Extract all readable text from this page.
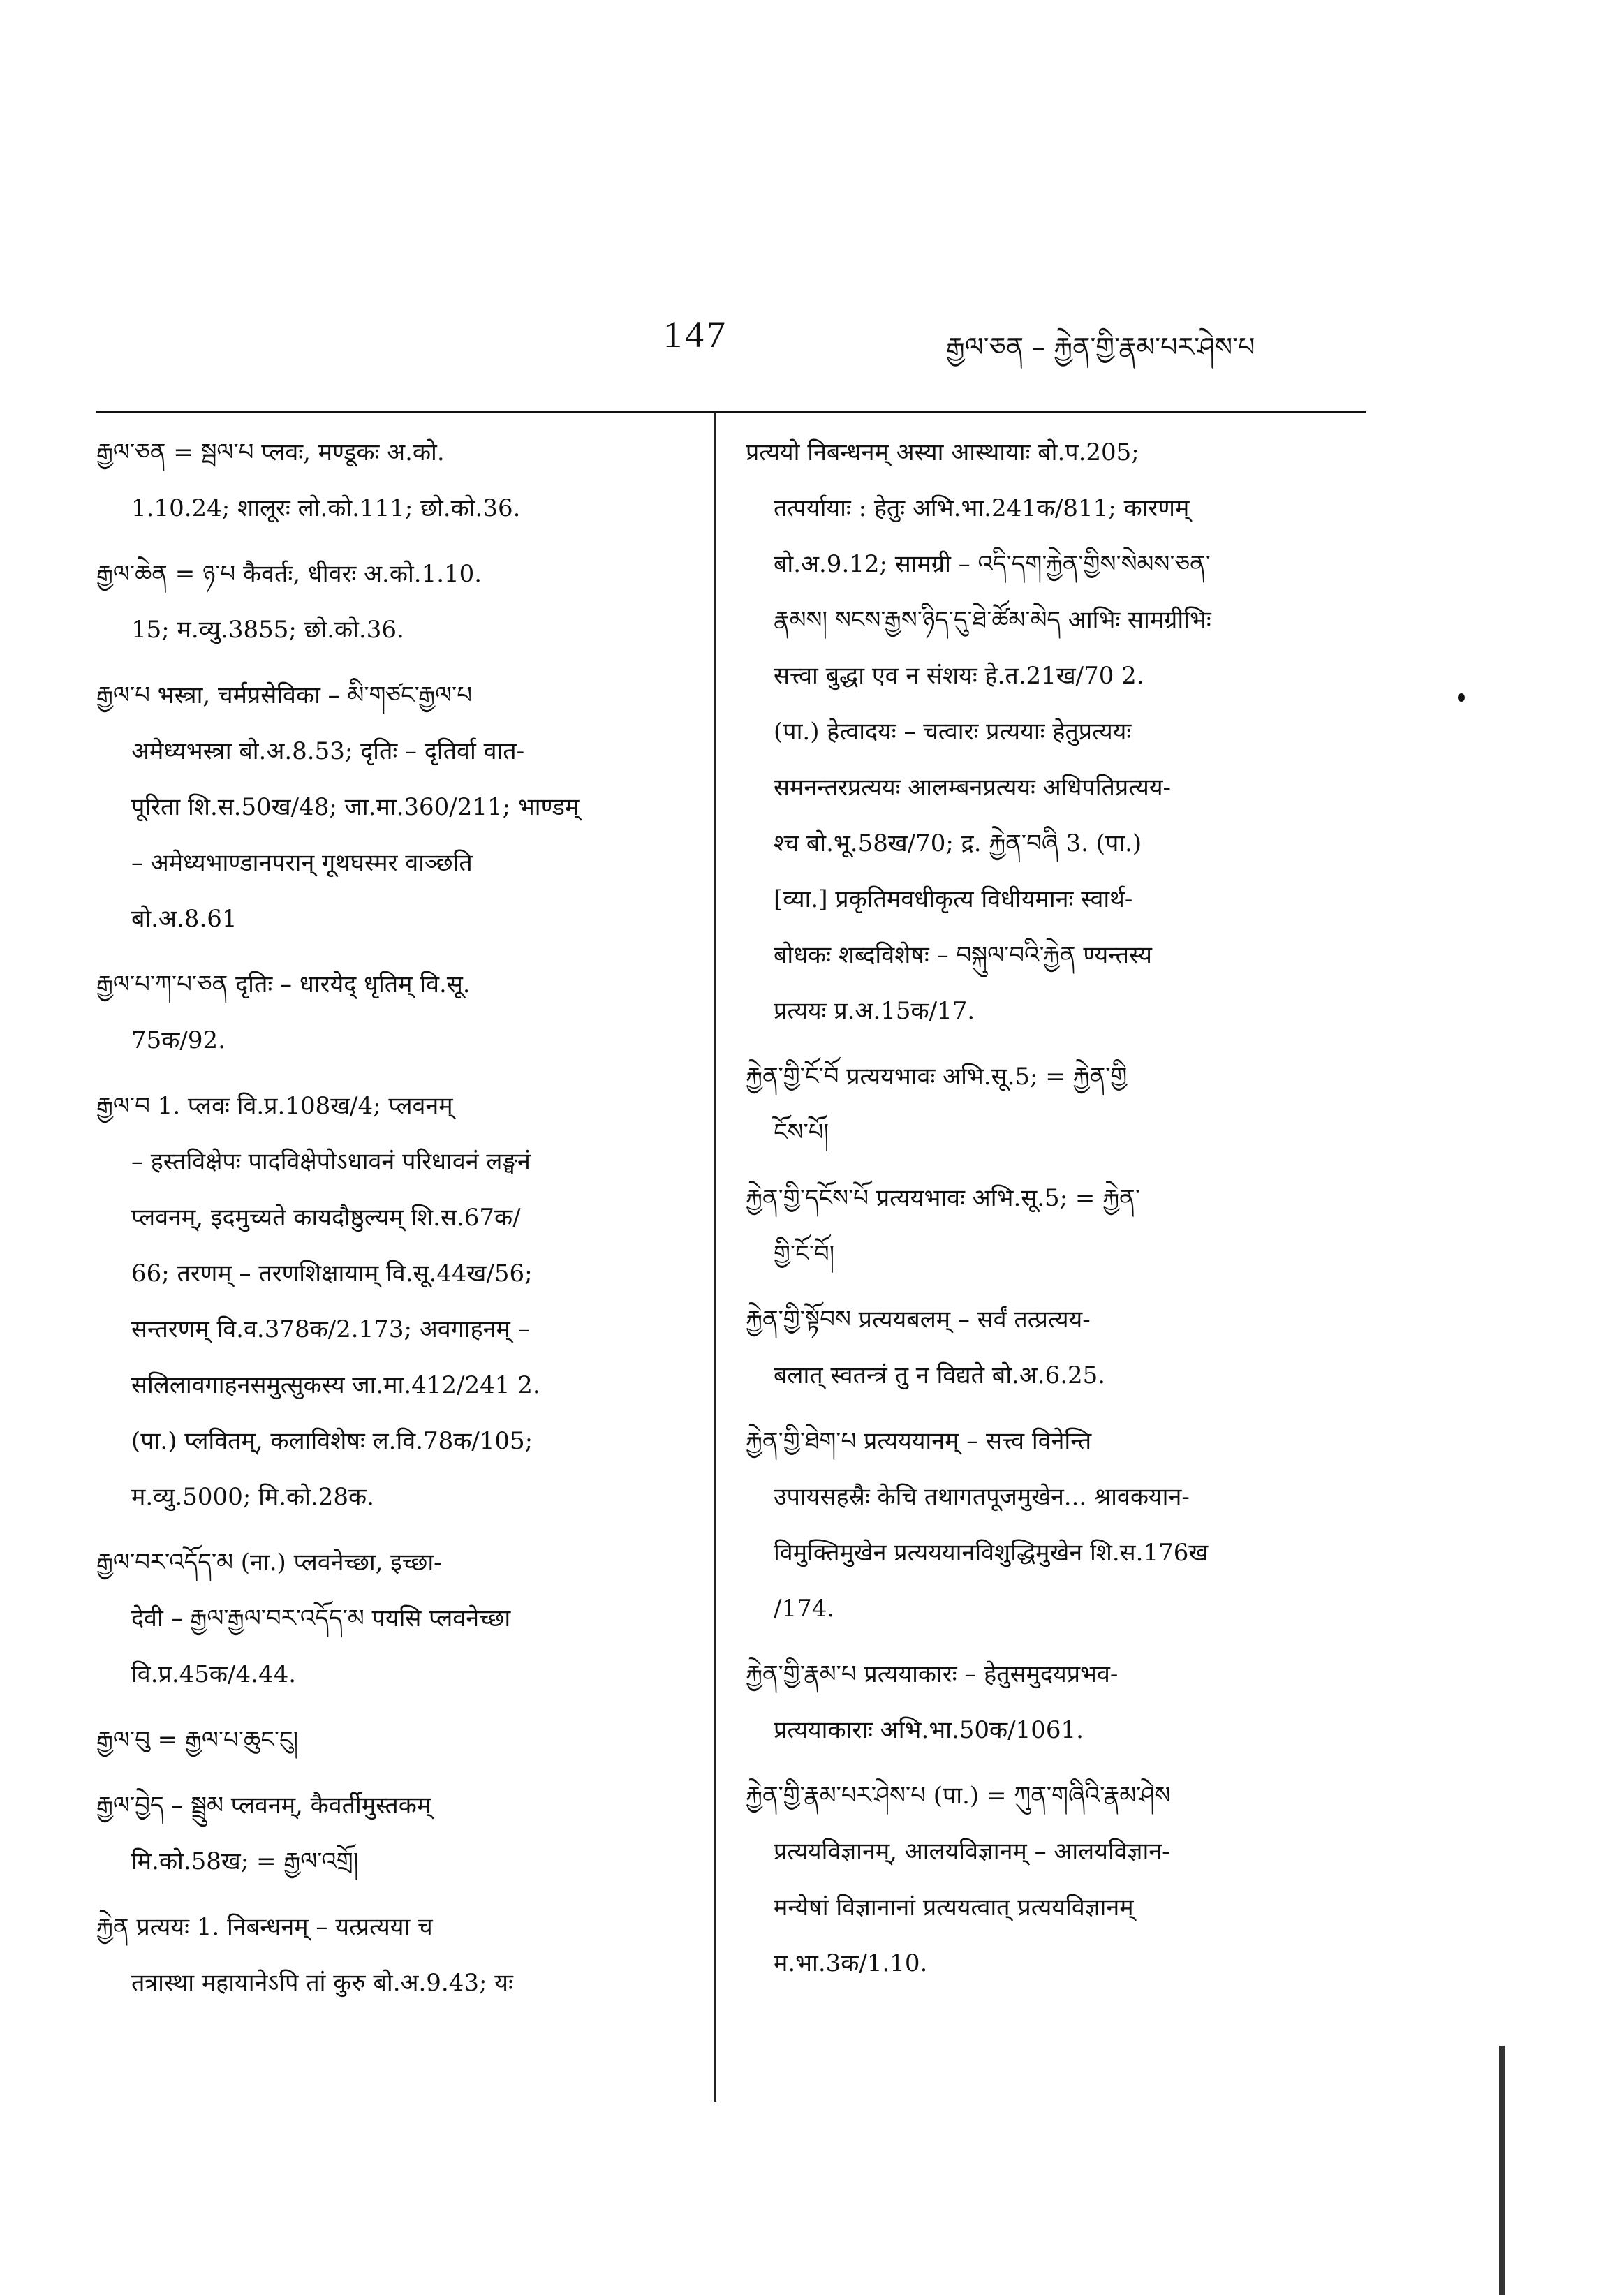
147	རྒྱལ་ཅན – རྐྱེན་གྱི་རྣམ་པར་ཤེས་པ
རྒྱལ་ཅན = སྦལ་པ प्लवः, मण्डूकः अ.को.
1.10.24; शालूरः लो.को.111; छो.को.36.
རྒྱལ་ཆེན = ཉ་པ कैवर्तः, धीवरः अ.को.1.10.
15; म.व्यु.3855; छो.को.36.
རྒྱལ་པ भस्त्रा, चर्मप्रसेविका – མི་གཙང་རྒྱལ་པ
अमेध्यभस्त्रा बो.अ.8.53; दृतिः – दृतिर्वा वात-
पूरिता शि.स.50ख/48; जा.मा.360/211; भाण्डम्
– अमेध्यभाण्डानपरान् गूथघस्मर वाञ्छति
बो.अ.8.61
རྒྱལ་པ་ཀ་པ་ཅན दृतिः – धारयेद् धृतिम् वि.सू.
75क/92.
རྒྱལ་བ 1. प्लवः वि.प्र.108ख/4; प्लवनम्
– हस्तविक्षेपः पादविक्षेपोऽधावनं परिधावनं लङ्घनं
प्लवनम्, इदमुच्यते कायदौष्ठुल्यम् शि.स.67क/
66; तरणम् – तरणशिक्षायाम् वि.सू.44ख/56;
सन्तरणम् वि.व.378क/2.173; अवगाहनम् –
सलिलावगाहनसमुत्सुकस्य जा.मा.412/241 2.
(पा.) प्लवितम्, कलाविशेषः ल.वि.78क/105;
म.व्यु.5000; मि.को.28क.
རྒྱལ་བར་འདོད་མ (ना.) प्लवनेच्छा, इच्छा-
देवी – རྒྱལ་རྒྱལ་བར་འདོད་མ पयसि प्लवनेच्छा
वि.प्र.45क/4.44.
རྒྱལ་བུ = རྒྱལ་པ་ཆུང་ངུ།
རྒྱལ་བྱེད – སྦྲུམ प्लवनम्, कैवर्तीमुस्तकम्
मि.को.58ख; = རྒྱལ་འགྲོ།
རྐྱེན प्रत्ययः 1. निबन्धनम् – यत्प्रत्यया च
तत्रास्था महायानेऽपि तां कुरु बो.अ.9.43; यः
प्रत्ययो निबन्धनम् अस्या आस्थायाः बो.प.205;
तत्पर्यायाः : हेतुः अभि.भा.241क/811; कारणम्
बो.अ.9.12; सामग्री – འདི་དག་རྐྱེན་གྱིས་སེམས་ཅན་
རྣམས། སངས་རྒྱས་ཉིད་དུ་ཐེ་ཚོམ་མེད आभिः सामग्रीभिः
सत्त्वा बुद्धा एव न संशयः हे.त.21ख/70 2.
(पा.) हेत्वादयः – चत्वारः प्रत्ययाः हेतुप्रत्ययः
समनन्तरप्रत्ययः आलम्बनप्रत्ययः अधिपतिप्रत्यय-
श्च बो.भू.58ख/70; द्र. རྐྱེན་བཞི 3. (पा.)
[व्या.] प्रकृतिमवधीकृत्य विधीयमानः स्वार्थ-
बोधकः शब्दविशेषः – བསྐུལ་བའི་རྐྱེན ण्यन्तस्य
प्रत्ययः प्र.अ.15क/17.
རྐྱེན་གྱི་ངོ་བོ प्रत्ययभावः अभि.सू.5; = རྐྱེན་གྱི
ངོས་པོ།
རྐྱེན་གྱི་དངོས་པོ प्रत्ययभावः अभि.सू.5; = རྐྱེན་
གྱི་ངོ་བོ།
རྐྱེན་གྱི་སྟོབས प्रत्ययबलम् – सर्वं तत्प्रत्यय-
बलात् स्वतन्त्रं तु न विद्यते बो.अ.6.25.
རྐྱེན་གྱི་ཐེག་པ प्रत्यययानम् – सत्त्व विनेन्ति
उपायसहस्रैः केचि तथागतपूजमुखेन... श्रावकयान-
विमुक्तिमुखेन प्रत्यययानविशुद्धिमुखेन शि.स.176ख
/174.
རྐྱེན་གྱི་རྣམ་པ प्रत्ययाकारः – हेतुसमुदयप्रभव-
प्रत्ययाकाराः अभि.भा.50क/1061.
རྐྱེན་གྱི་རྣམ་པར་ཤེས་པ (पा.) = ཀུན་གཞིའི་རྣམ་ཤེས
प्रत्ययविज्ञानम्, आलयविज्ञानम् – आलयविज्ञान-
मन्येषां विज्ञानानां प्रत्ययत्वात् प्रत्ययविज्ञानम्
म.भा.3क/1.10.
